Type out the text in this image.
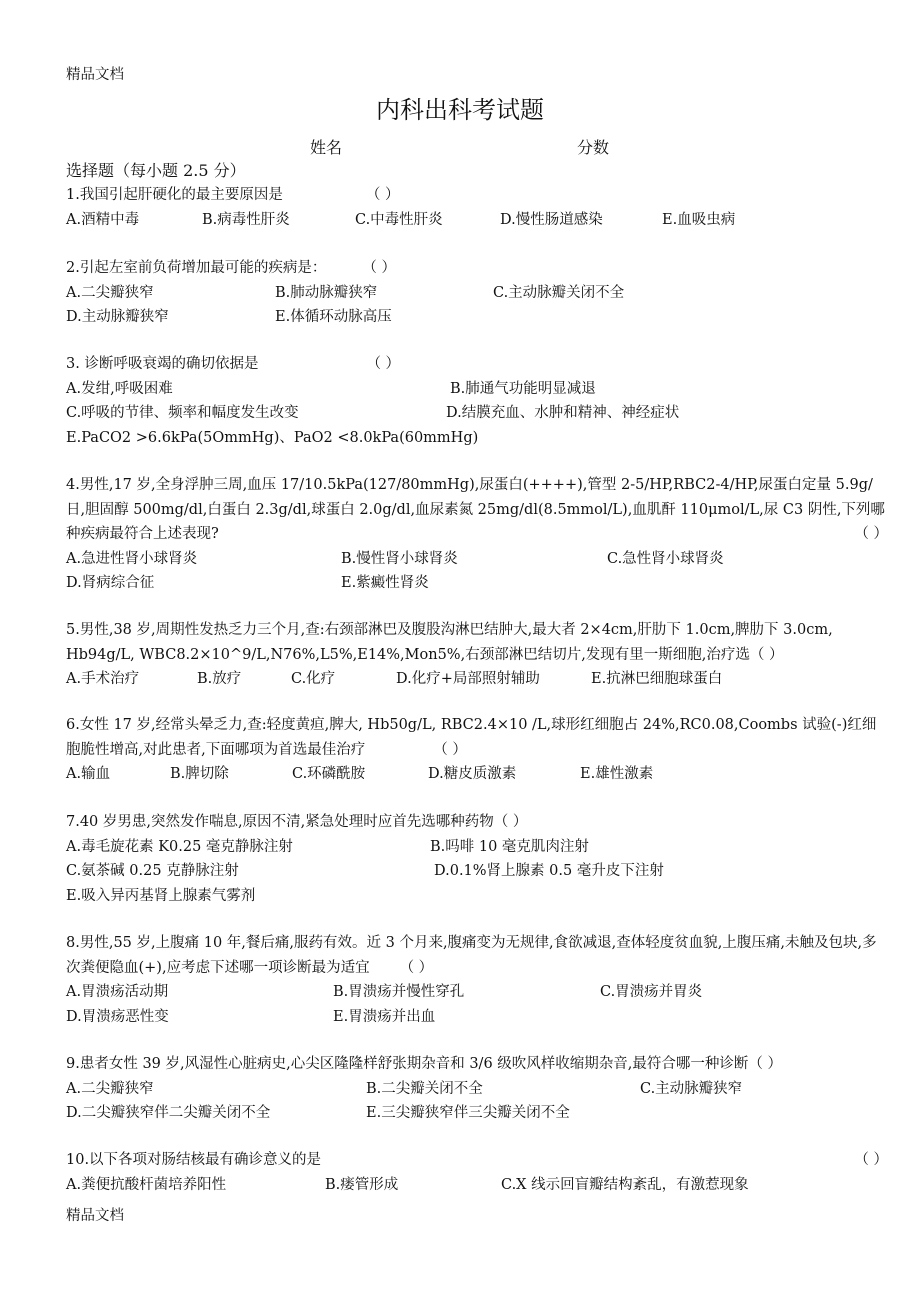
精品文档
内科出科考试题
姓名	分数
选择题（每小题 2.5 分）
1.我国引起肝硬化的最主要原因是	（ ）
A.酒精中毒	B.病毒性肝炎	C.中毒性肝炎	D.慢性肠道感染	E.血吸虫病
2.引起左室前负荷增加最可能的疾病是： （ ）
A.二尖瓣狭窄	B.肺动脉瓣狭窄	C.主动脉瓣关闭不全
D.主动脉瓣狭窄	E.体循环动脉高压
3. 诊断呼吸衰竭的确切依据是	（ ）
A.发绀,呼吸困难	B.肺通气功能明显减退
C.呼吸的节律、频率和幅度发生改变	D.结膜充血、水肿和精神、神经症状
E.PaCO2 >6.6kPa(5OmmHg)、PaO2 <8.0kPa(60mmHg)
4.男性,17 岁,全身浮肿三周,血压 17/10.5kPa(127/80mmHg),尿蛋白(++++),管型 2-5/HP,RBC2-4/HP,尿蛋白定量 5.9g/日,胆固醇 500mg/dl,白蛋白 2.3g/dl,球蛋白 2.0g/dl,血尿素氮 25mg/dl(8.5mmol/L),血肌酐 110μmol/L,尿 C3 阴性,下列哪种疾病最符合上述表现?	（ ）
A.急进性肾小球肾炎	B.慢性肾小球肾炎	C.急性肾小球肾炎
D.肾病综合征	E.紫癜性肾炎
5.男性,38 岁,周期性发热乏力三个月,查:右颈部淋巴及腹股沟淋巴结肿大,最大者 2×4cm,肝肋下 1.0cm,脾肋下 3.0cm, Hb94g/L, WBC8.2×10^9/L,N76%,L5%,E14%,Mon5%,右颈部淋巴结切片,发现有里一斯细胞,治疗选（ ）
A.手术治疗	B.放疗	C.化疗	D.化疗+局部照射辅助	E.抗淋巴细胞球蛋白
6.女性 17 岁,经常头晕乏力,查:轻度黄疸,脾大, Hb50g/L, RBC2.4×10 /L,球形红细胞占 24%,RC0.08,Coombs 试验(-)红细胞脆性增高,对此患者,下面哪项为首选最佳治疗	（ ）
A.输血	B.脾切除	C.环磷酰胺	D.糖皮质激素	E.雄性激素
7.40 岁男患,突然发作喘息,原因不清,紧急处理时应首先选哪种药物（ ）
A.毒毛旋花素 K0.25 毫克静脉注射	B.吗啡 10 毫克肌肉注射
C.氨茶碱 0.25 克静脉注射	D.0.1%肾上腺素 0.5 毫升皮下注射
E.吸入异丙基肾上腺素气雾剂
8.男性,55 岁,上腹痛 10 年,餐后痛,服药有效。近 3 个月来,腹痛变为无规律,食欲减退,查体轻度贫血貌,上腹压痛,未触及包块,多次粪便隐血(+),应考虑下述哪一项诊断最为适宜 （ ）
A.胃溃疡活动期	B.胃溃疡并慢性穿孔	C.胃溃疡并胃炎
D.胃溃疡恶性变	E.胃溃疡并出血
9.患者女性 39 岁,风湿性心脏病史,心尖区隆隆样舒张期杂音和 3/6 级吹风样收缩期杂音,最符合哪一种诊断（ ）
A.二尖瓣狭窄	B.二尖瓣关闭不全	C.主动脉瓣狭窄
D.二尖瓣狭窄伴二尖瓣关闭不全	E.三尖瓣狭窄伴三尖瓣关闭不全
10.以下各项对肠结核最有确诊意义的是	（ ）
A.粪便抗酸杆菌培养阳性	B.瘘管形成	C.X 线示回盲瓣结构紊乱，有激惹现象
精品文档
